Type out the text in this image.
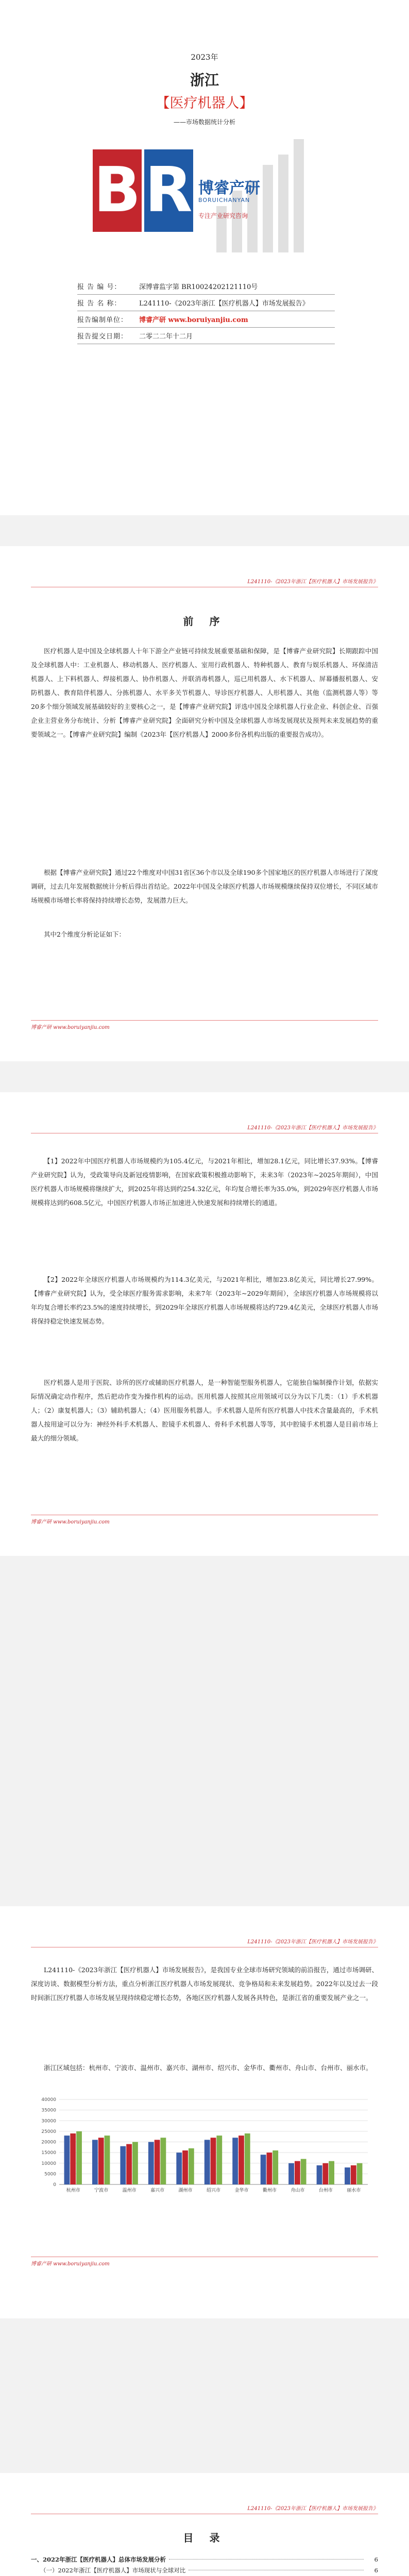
2023年
浙江
【医疗机器人】
——市场数据统计分析
B R 博睿产研
BORUICHANYAN
专注产业研究咨询
报 告 编 号：	深博睿监字第 BR10024202121110号
报 告 名 称：	L241110-《2023年浙江【医疗机器人】市场发展报告》
报告编制单位：	博睿产研 www.boruiyanjiu.com
报告提交日期：	二零二二年十二月
L241110-《2023年浙江【医疗机器人】市场发展报告》
前 序
医疗机器人是中国及全球机器人十年下游全产业链可持续发展重要基础和保障，是【博睿产业研究院】长期跟踪中国及全球机器人中：工业机器人、移动机器人、医疗机器人、室用行政机器人、特种机器人、教育与娱乐机器人、环保清洁机器人、上下料机器人、焊接机器人、协作机器人、并联消毒机器人，巡已用机器人、水下机器人、屏幕播报机器人、安防机器人、教育陪伴机器人、分拣机器人、水平多关节机器人、导诊医疗机器人、人形机器人、其他（监测机器人等）等20多个细分领域发展基础较好的主要核心之一，是【博睿产业研究院】评选中国及全球机器人行业企业、科创企业、百强企业主营业务分布统计、分析【博睿产业研究院】全面研究分析中国及全球机器人市场发展现状及预判未来发展趋势的重要领域之一。【博睿产业研究院】编制《2023年【医疗机器人】2000多份各机构出版的重要报告成功》。
根据【博睿产业研究院】通过22个维度对中国31省区36个市以及全球190多个国家地区的医疗机器人市场进行了深度调研，过去几年发展数据统计分析后得出首结论。2022年中国及全球医疗机器人市场规模继续保持双位增长，不同区域市场规模市场增长率将保持持续增长态势，发展潜力巨大。
其中2个维度分析论证如下：
博睿产研 www.boruiyanjiu.com
L241110-《2023年浙江【医疗机器人】市场发展报告》
【1】2022年中国医疗机器人市场规模约为105.4亿元，与2021年相比，增加28.1亿元，同比增长37.93%。【博睿产业研究院】认为，受政策导向及新冠疫情影响，在国家政策积极推动影响下，未来3年（2023年~2025年期间），中国医疗机器人市场规模将继续扩大，到2025年将达到约254.32亿元，年均复合增长率为35.0%，到2029年医疗机器人市场规模将达到约608.5亿元，中国医疗机器人市场正加速进入快速发展和持续增长的通道。
【2】2022年全球医疗机器人市场规模约为114.3亿美元，与2021年相比，增加23.8亿美元，同比增长27.99%。【博睿产业研究院】认为，受全球医疗服务需求影响，未来7年（2023年~2029年期间），全球医疗机器人市场规模将以年均复合增长率约23.5%的速度持续增长，到2029年全球医疗机器人市场规模将达约729.4亿美元，全球医疗机器人市场将保持稳定快速发展态势。
医疗机器人是用于医院、诊所的医疗或辅助医疗机器人，是一种智能型服务机器人，它能独自编制操作计划，依据实际情况确定动作程序，然后把动作变为操作机构的运动。医用机器人按照其应用领域可以分为以下几类：（1）手术机器人；（2）康复机器人；（3）辅助机器人；（4）医用服务机器人。手术机器人是所有医疗机器人中技术含量最高的，手术机器人按用途可以分为：神经外科手术机器人、腔镜手术机器人、骨科手术机器人等等，其中腔镜手术机器人是目前市场上最大的细分领域。
博睿产研 www.boruiyanjiu.com
L241110-《2023年浙江【医疗机器人】市场发展报告》
L241110-《2023年浙江【医疗机器人】市场发展报告》，是我国专业全球市场研究领域的前沿报告，通过市场调研、深度访谈、数据模型分析方法，重点分析浙江医疗机器人市场发展现状、竞争格局和未来发展趋势。2022年以及过去一段时间浙江医疗机器人市场发展呈现持续稳定增长态势，各地区医疗机器人发展各具特色，是浙江省的重要发展产业之一。
浙江区域包括：杭州市、宁波市、温州市、嘉兴市、湖州市、绍兴市、金华市、衢州市、舟山市、台州市、丽水市。
博睿产研 www.boruiyanjiu.com
0
5000
10000
15000
20000
25000
30000
35000
40000
杭州市	宁波市	温州市	嘉兴市	湖州市	绍兴市	金华市	衢州市	舟山市	台州市	丽水市
L241110-《2023年浙江【医疗机器人】市场发展报告》
目 录
一、2022年浙江【医疗机器人】总体市场发展分析	6
（一）2022年浙江【医疗机器人】市场现状与全球对比	6
